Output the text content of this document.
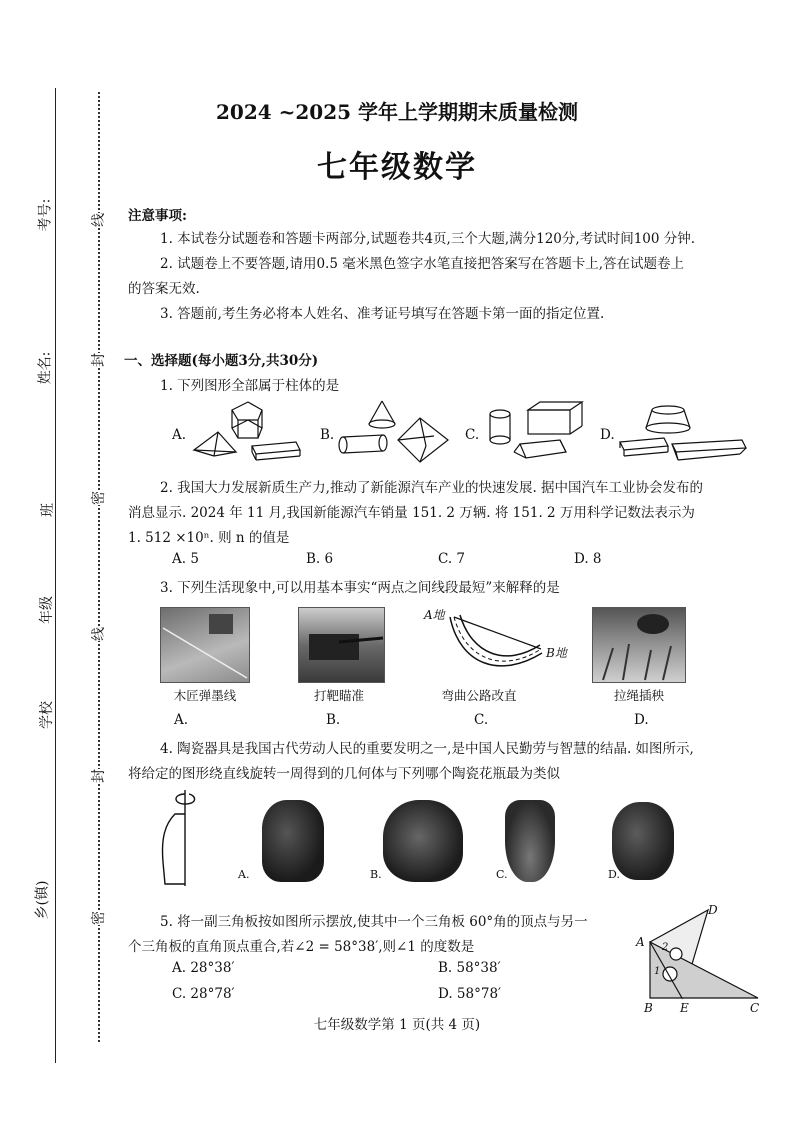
考号:
姓名:
班
年级
学校
乡(镇)
线
封
密
线
封
密
2024 ~2025 学年上学期期末质量检测
七年级数学
注意事项:
1. 本试卷分试题卷和答题卡两部分,试题卷共4页,三个大题,满分120分,考试时间100 分钟.
2. 试题卷上不要答题,请用0.5 毫米黑色签字水笔直接把答案写在答题卡上,答在试题卷上
的答案无效.
3. 答题前,考生务必将本人姓名、准考证号填写在答题卡第一面的指定位置.
一、选择题(每小题3分,共30分)
1. 下列图形全部属于柱体的是
A.	B.	C.	D.
2. 我国大力发展新质生产力,推动了新能源汽车产业的快速发展. 据中国汽车工业协会发布的
消息显示. 2024 年 11 月,我国新能源汽车销量 151. 2 万辆. 将 151. 2 万用科学记数法表示为
1. 512 ×10ⁿ. 则 n 的值是
A. 5	B. 6	C. 7	D. 8
3. 下列生活现象中,可以用基本事实“两点之间线段最短”来解释的是
A地
B地
木匠弹墨线	打靶瞄准	弯曲公路改直	拉绳插秧
A.	B.	C.	D.
4. 陶瓷器具是我国古代劳动人民的重要发明之一,是中国人民勤劳与智慧的结晶. 如图所示,
将给定的图形绕直线旋转一周得到的几何体与下列哪个陶瓷花瓶最为类似
A.	B.	C.	D.
5. 将一副三角板按如图所示摆放,使其中一个三角板 60°角的顶点与另一
个三角板的直角顶点重合,若∠2 = 58°38′,则∠1 的度数是
A. 28°38′	B. 58°38′
C. 28°78′	D. 58°78′
A
B	C
D
E
1
2
七年级数学第 1 页(共 4 页)
